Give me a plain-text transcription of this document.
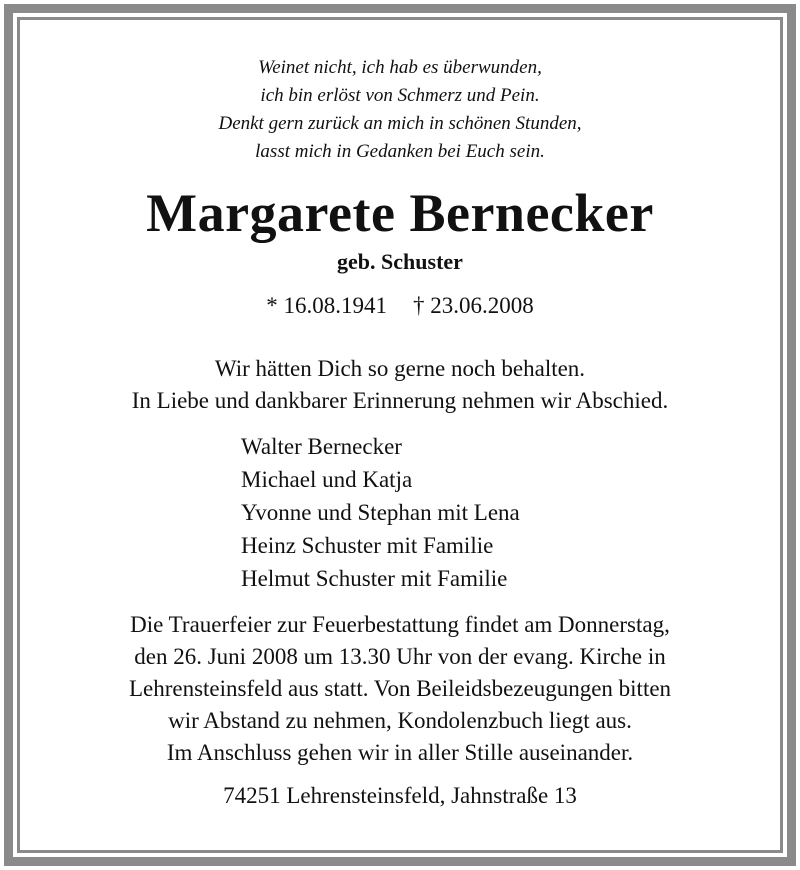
Weinet nicht, ich hab es überwunden,
ich bin erlöst von Schmerz und Pein.
Denkt gern zurück an mich in schönen Stunden,
lasst mich in Gedanken bei Euch sein.
Margarete Bernecker
geb. Schuster
* 16.08.1941 † 23.06.2008
Wir hätten Dich so gerne noch behalten.
In Liebe und dankbarer Erinnerung nehmen wir Abschied.
Walter Bernecker
Michael und Katja
Yvonne und Stephan mit Lena
Heinz Schuster mit Familie
Helmut Schuster mit Familie
Die Trauerfeier zur Feuerbestattung findet am Donnerstag,
den 26. Juni 2008 um 13.30 Uhr von der evang. Kirche in
Lehrensteinsfeld aus statt. Von Beileidsbezeugungen bitten
wir Abstand zu nehmen, Kondolenzbuch liegt aus.
Im Anschluss gehen wir in aller Stille auseinander.
74251 Lehrensteinsfeld, Jahnstraße 13
